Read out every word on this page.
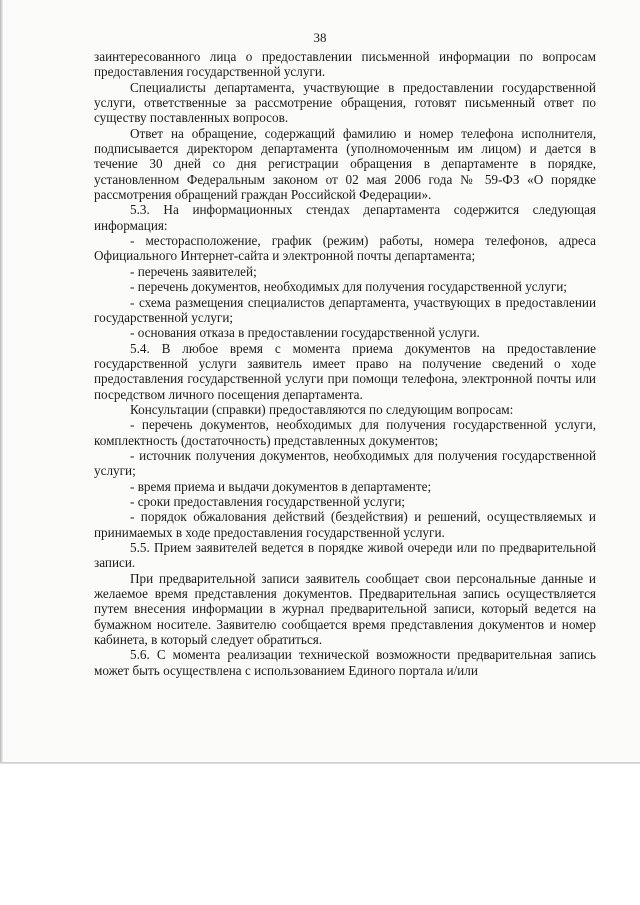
38

заинтересованного лица о предоставлении письменной информации по вопросам предоставления государственной услуги.

Специалисты департамента, участвующие в предоставлении государственной услуги, ответственные за рассмотрение обращения, готовят письменный ответ по существу поставленных вопросов.

Ответ на обращение, содержащий фамилию и номер телефона исполнителя, подписывается директором департамента (уполномоченным им лицом) и дается в течение 30 дней со дня регистрации обращения в департаменте в порядке, установленном Федеральным законом от 02 мая 2006 года № 59-ФЗ «О порядке рассмотрения обращений граждан Российской Федерации».

5.3. На информационных стендах департамента содержится следующая информация:

- месторасположение, график (режим) работы, номера телефонов, адреса Официального Интернет-сайта и электронной почты департамента;

- перечень заявителей;

- перечень документов, необходимых для получения государственной услуги;

- схема размещения специалистов департамента, участвующих в предоставлении государственной услуги;

- основания отказа в предоставлении государственной услуги.

5.4. В любое время с момента приема документов на предоставление государственной услуги заявитель имеет право на получение сведений о ходе предоставления государственной услуги при помощи телефона, электронной почты или посредством личного посещения департамента.

Консультации (справки) предоставляются по следующим вопросам:

- перечень документов, необходимых для получения государственной услуги, комплектность (достаточность) представленных документов;

- источник получения документов, необходимых для получения государственной услуги;

- время приема и выдачи документов в департаменте;

- сроки предоставления государственной услуги;

- порядок обжалования действий (бездействия) и решений, осуществляемых и принимаемых в ходе предоставления государственной услуги.

5.5. Прием заявителей ведется в порядке живой очереди или по предварительной записи.

При предварительной записи заявитель сообщает свои персональные данные и желаемое время представления документов. Предварительная запись осуществляется путем внесения информации в журнал предварительной записи, который ведется на бумажном носителе. Заявителю сообщается время представления документов и номер кабинета, в который следует обратиться.

5.6. С момента реализации технической возможности предварительная запись может быть осуществлена с использованием Единого портала и/или
